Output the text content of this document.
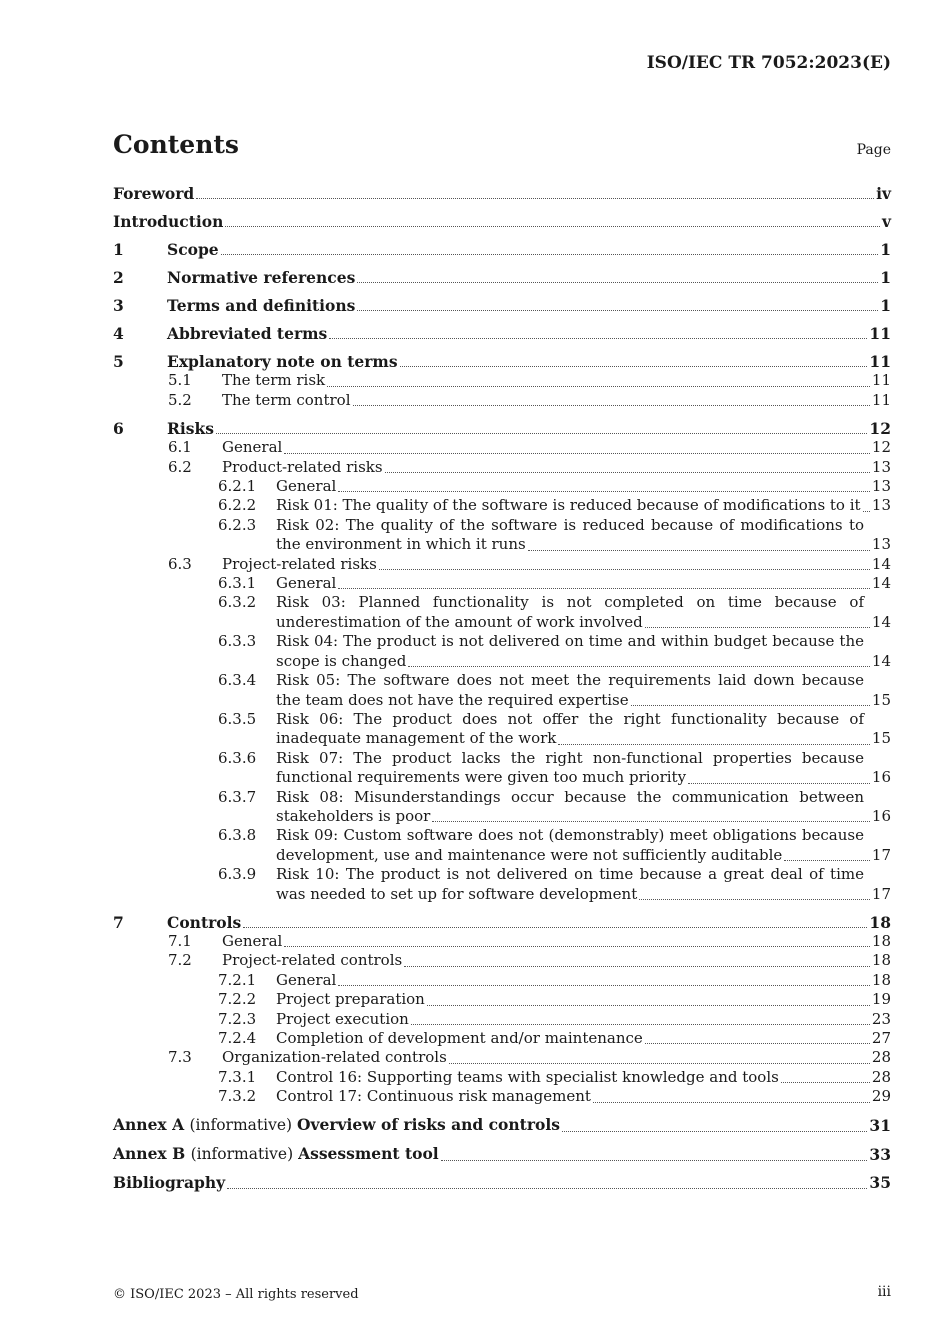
ISO/IEC TR 7052:2023(E)
Contents	Page
Foreword	iv
Introduction	v
1	Scope	1
2	Normative references	1
3	Terms and definitions	1
4	Abbreviated terms	11
5	Explanatory note on terms	11
5.1	The term risk	11
5.2	The term control	11
6	Risks	12
6.1	General	12
6.2	Product-related risks	13
6.2.1	General	13
6.2.2	Risk 01: The quality of the software is reduced because of modifications to it 13
6.2.3	Risk 02: The quality of the software is reduced because of modifications to the environment in which it runs	13
6.3	Project-related risks	14
6.3.1	General	14
6.3.2	Risk 03: Planned functionality is not completed on time because of underestimation of the amount of work involved	14
6.3.3	Risk 04: The product is not delivered on time and within budget because the scope is changed	14
6.3.4	Risk 05: The software does not meet the requirements laid down because the team does not have the required expertise	15
6.3.5	Risk 06: The product does not offer the right functionality because of inadequate management of the work	15
6.3.6	Risk 07: The product lacks the right non-functional properties because functional requirements were given too much priority	16
6.3.7	Risk 08: Misunderstandings occur because the communication between stakeholders is poor	16
6.3.8	Risk 09: Custom software does not (demonstrably) meet obligations because development, use and maintenance were not sufficiently auditable	17
6.3.9	Risk 10: The product is not delivered on time because a great deal of time was needed to set up for software development	17
7	Controls	18
7.1	General	18
7.2	Project-related controls	18
7.2.1	General	18
7.2.2	Project preparation	19
7.2.3	Project execution	23
7.2.4	Completion of development and/or maintenance	27
7.3	Organization-related controls	28
7.3.1	Control 16: Supporting teams with specialist knowledge and tools	28
7.3.2	Control 17: Continuous risk management	29
Annex A (informative) Overview of risks and controls	31
Annex B (informative) Assessment tool	33
Bibliography	35
© ISO/IEC 2023 – All rights reserved	iii
